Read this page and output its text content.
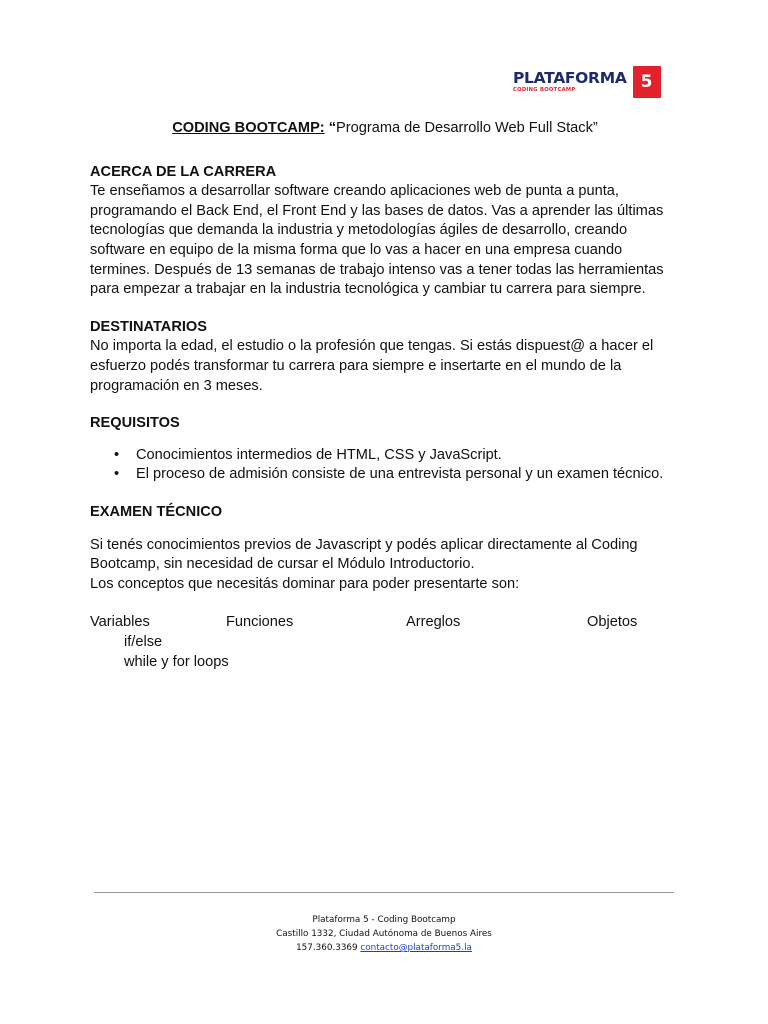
PLATAFORMA
CODING BOOTCAMP	5

CODING BOOTCAMP: “Programa de Desarrollo Web Full Stack”

ACERCA DE LA CARRERA

Te enseñamos a desarrollar software creando aplicaciones web de punta a punta, programando el Back End, el Front End y las bases de datos. Vas a aprender las últimas tecnologías que demanda la industria y metodologías ágiles de desarrollo, creando software en equipo de la misma forma que lo vas a hacer en una empresa cuando termines. Después de 13 semanas de trabajo intenso vas a tener todas las herramientas para empezar a trabajar en la industria tecnológica y cambiar tu carrera para siempre.

DESTINATARIOS

No importa la edad, el estudio o la profesión que tengas. Si estás dispuest@ a hacer el esfuerzo podés transformar tu carrera para siempre e insertarte en el mundo de la programación en 3 meses.

REQUISITOS
• Conocimientos intermedios de HTML, CSS y JavaScript.
• El proceso de admisión consiste de una entrevista personal y un examen técnico.
EXAMEN TÉCNICO

Si tenés conocimientos previos de Javascript y podés aplicar directamente al Coding Bootcamp, sin necesidad de cursar el Módulo Introductorio.

Los conceptos que necesitás dominar para poder presentarte son:

Variables	Funciones	Arreglos	Objetos

if/else

while y for loops

Plataforma 5 - Coding Bootcamp
Castillo 1332, Ciudad Autónoma de Buenos Aires
157.360.3369 contacto@plataforma5.la
